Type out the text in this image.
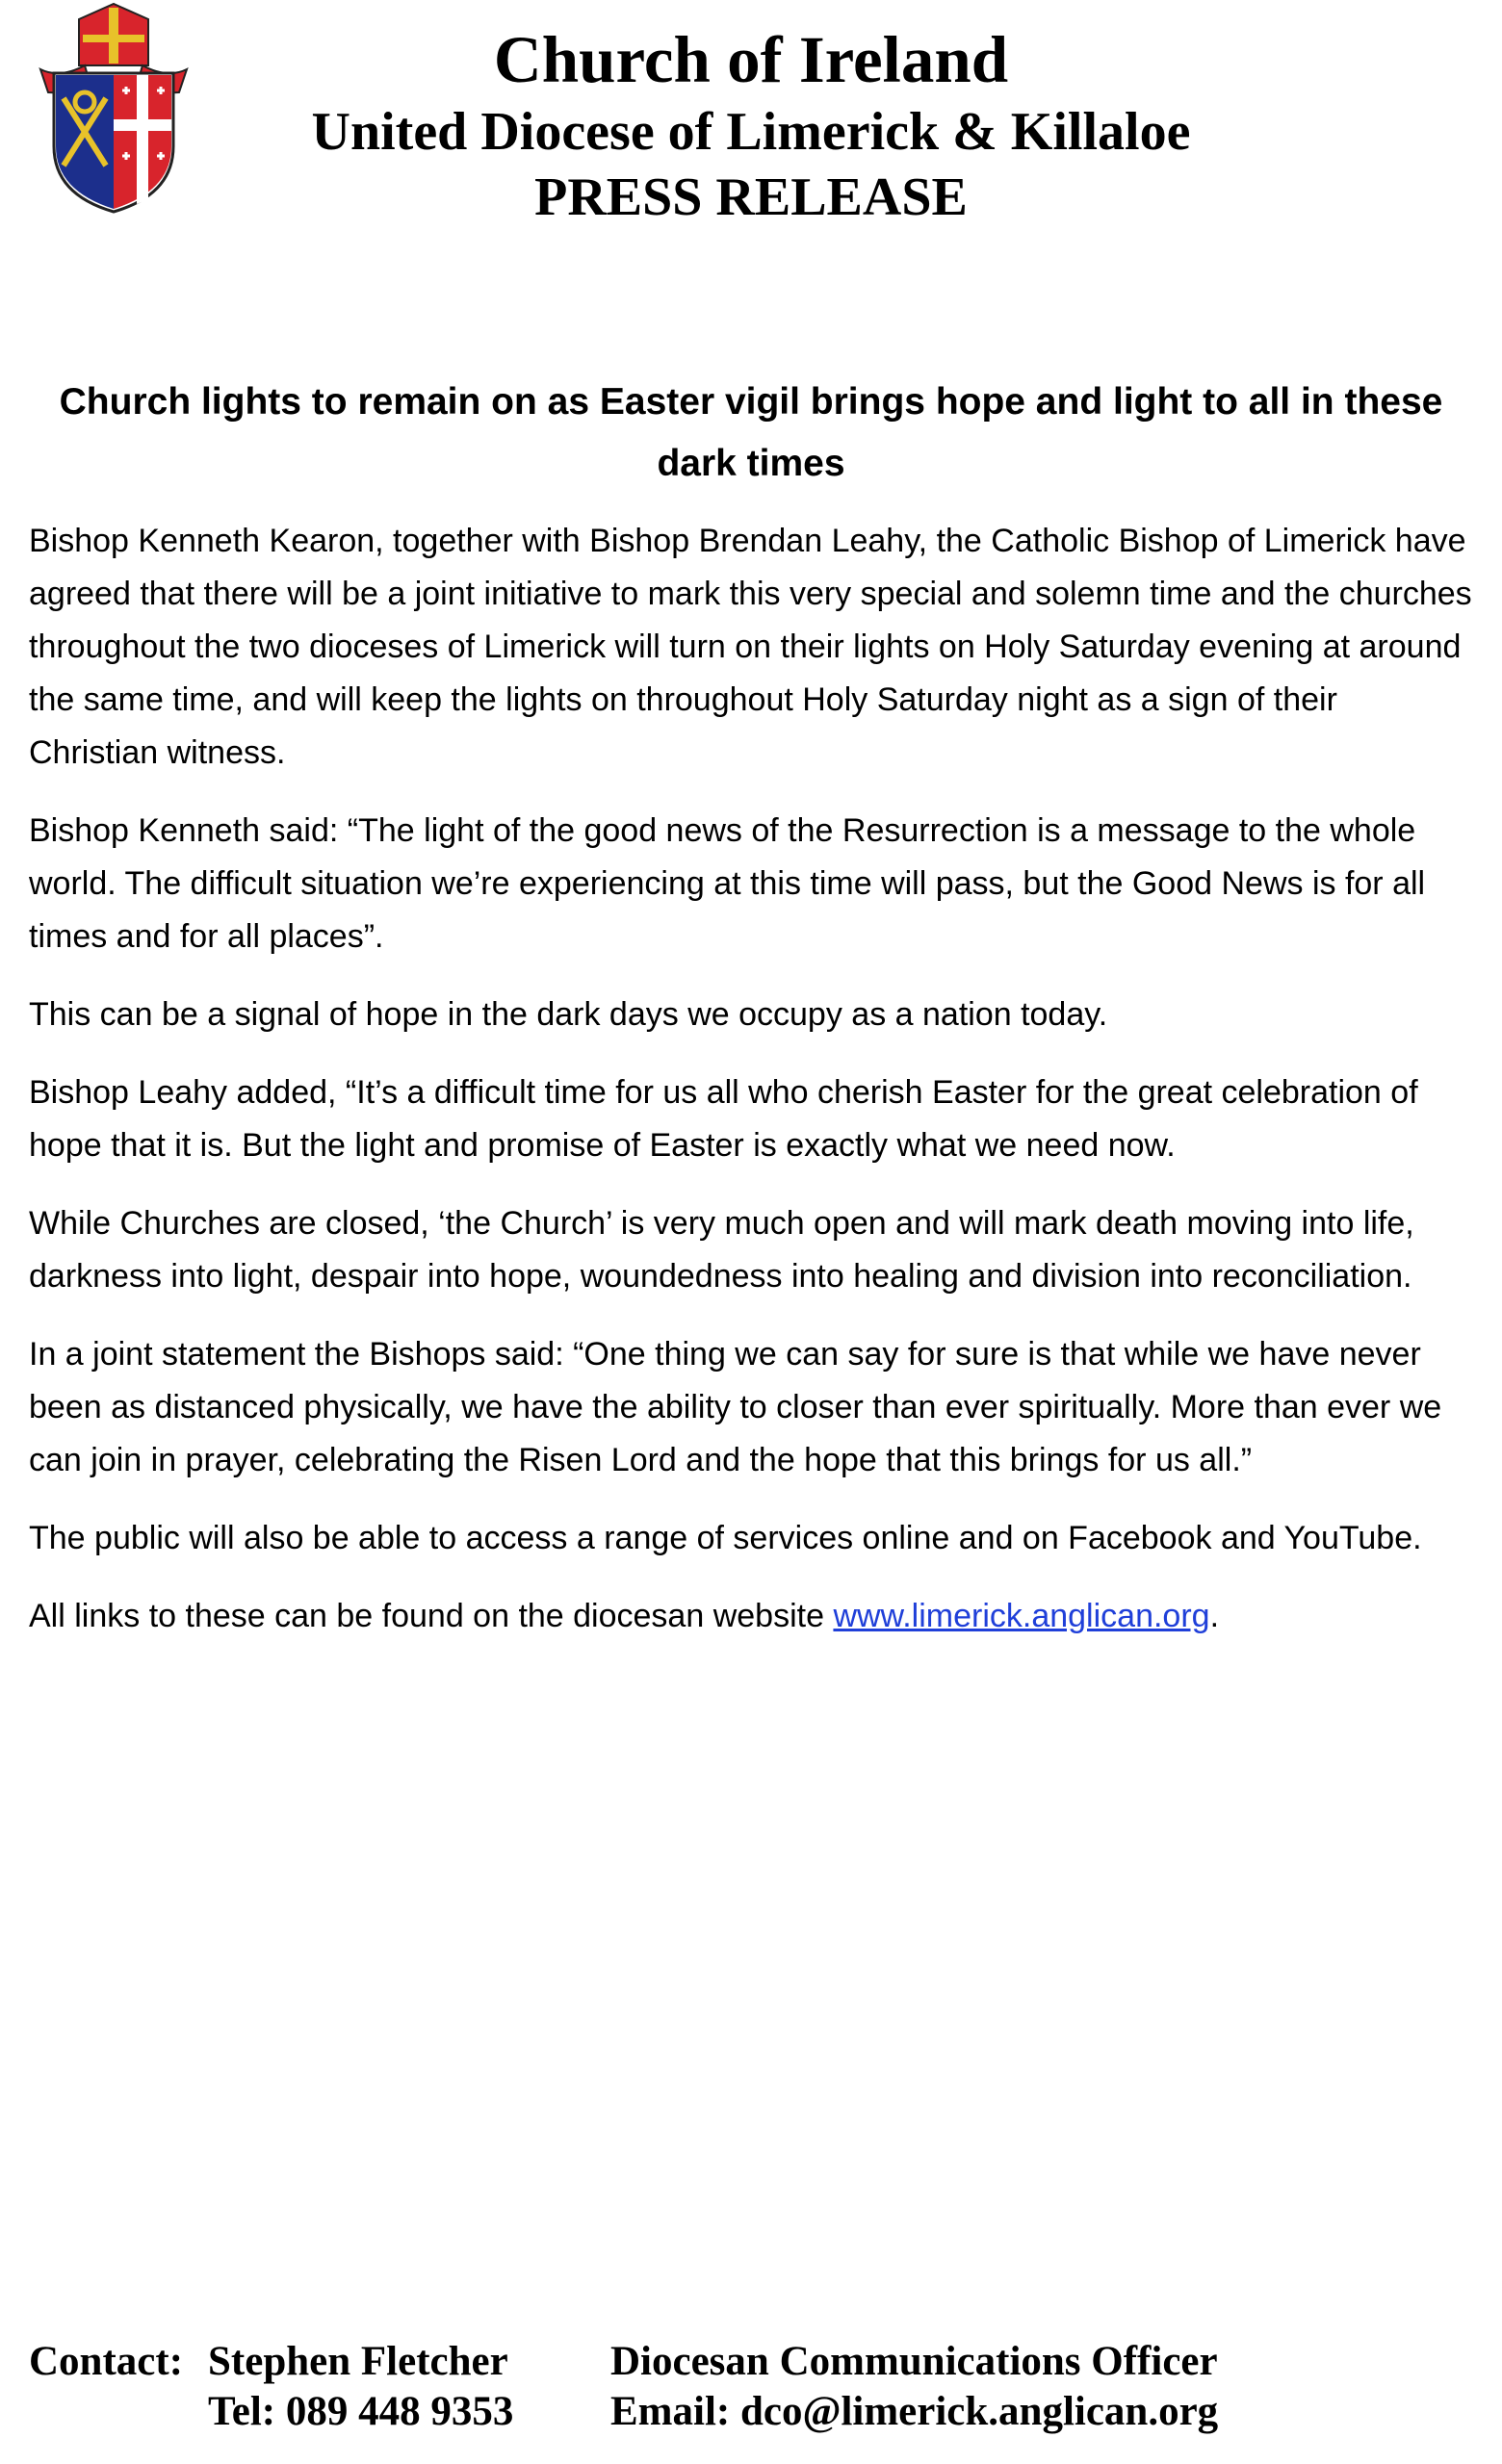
Church of Ireland
United Diocese of Limerick & Killaloe
PRESS RELEASE
Church lights to remain on as Easter vigil brings hope and light to all in these
dark times

Bishop Kenneth Kearon, together with Bishop Brendan Leahy, the Catholic Bishop of Limerick have agreed that there will be a joint initiative to mark this very special and solemn time and the churches throughout the two dioceses of Limerick will turn on their lights on Holy Saturday evening at around the same time, and will keep the lights on throughout Holy Saturday night as a sign of their Christian witness.

Bishop Kenneth said: “The light of the good news of the Resurrection is a message to the whole world. The difficult situation we’re experiencing at this time will pass, but the Good News is for all times and for all places”.

This can be a signal of hope in the dark days we occupy as a nation today.

Bishop Leahy added, “It’s a difficult time for us all who cherish Easter for the great celebration of hope that it is. But the light and promise of Easter is exactly what we need now.

While Churches are closed, ‘the Church’ is very much open and will mark death moving into life, darkness into light, despair into hope, woundedness into healing and division into reconciliation.

In a joint statement the Bishops said: “One thing we can say for sure is that while we have never been as distanced physically, we have the ability to closer than ever spiritually. More than ever we can join in prayer, celebrating the Risen Lord and the hope that this brings for us all.”

The public will also be able to access a range of services online and on Facebook and YouTube.

All links to these can be found on the diocesan website www.limerick.anglican.org.

Contact: Stephen Fletcher Diocesan Communications Officer
Tel: 089 448 9353 Email: dco@limerick.anglican.org
